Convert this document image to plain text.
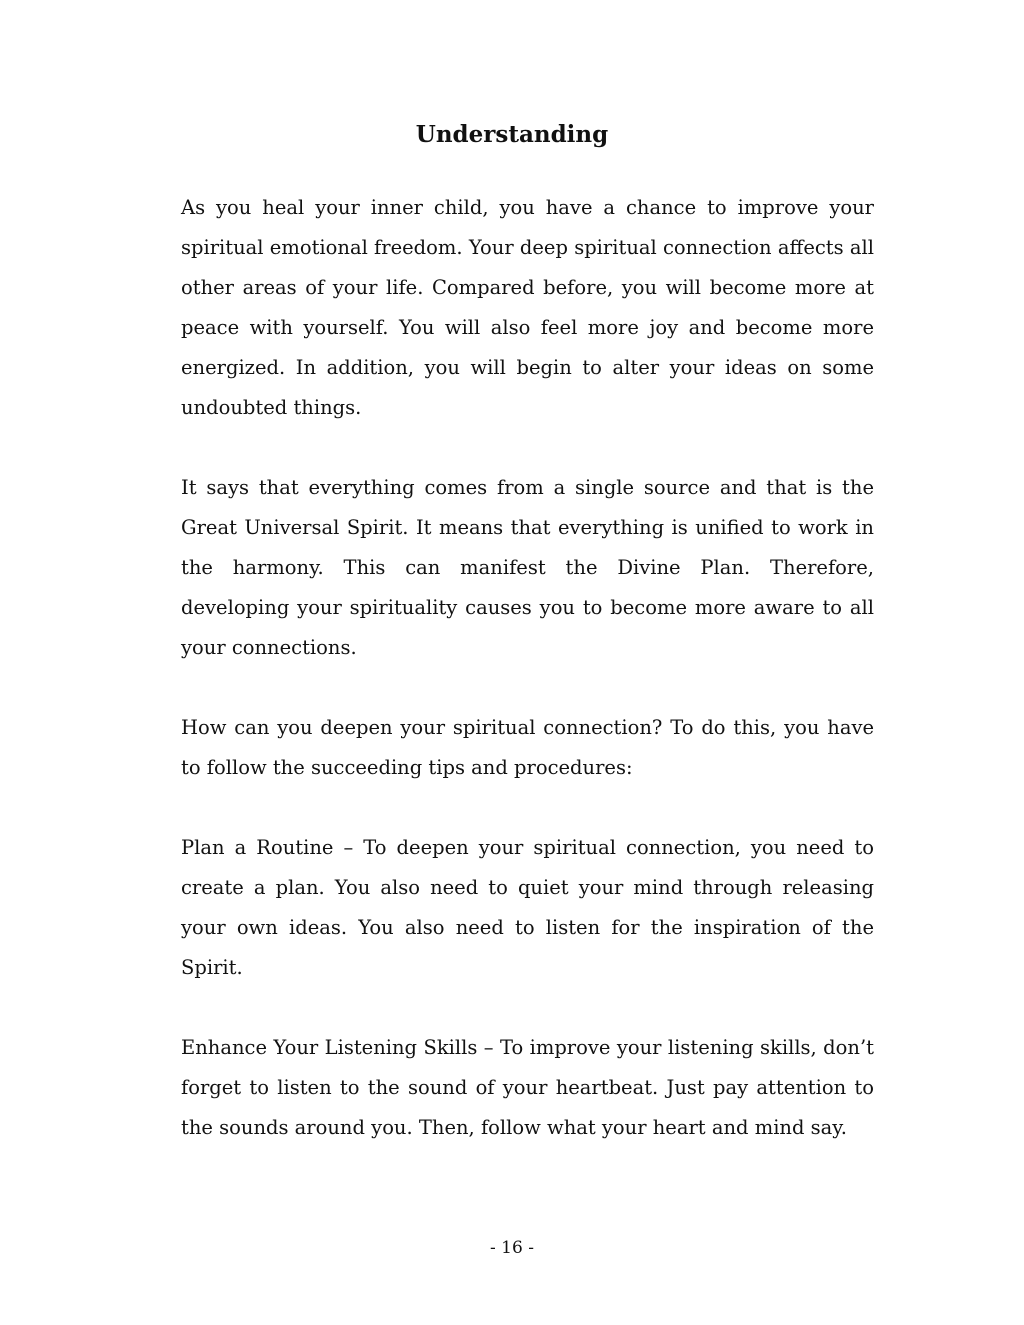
Understanding

As you heal your inner child, you have a chance to improve your spiritual emotional freedom. Your deep spiritual connection affects all other areas of your life. Compared before, you will become more at peace with yourself. You will also feel more joy and become more energized. In addition, you will begin to alter your ideas on some undoubted things.

It says that everything comes from a single source and that is the Great Universal Spirit. It means that everything is unified to work in the harmony. This can manifest the Divine Plan. Therefore, developing your spirituality causes you to become more aware to all your connections.

How can you deepen your spiritual connection? To do this, you have to follow the succeeding tips and procedures:

Plan a Routine – To deepen your spiritual connection, you need to create a plan. You also need to quiet your mind through releasing your own ideas. You also need to listen for the inspiration of the Spirit.

Enhance Your Listening Skills – To improve your listening skills, don’t forget to listen to the sound of your heartbeat. Just pay attention to the sounds around you. Then, follow what your heart and mind say.

- 16 -
